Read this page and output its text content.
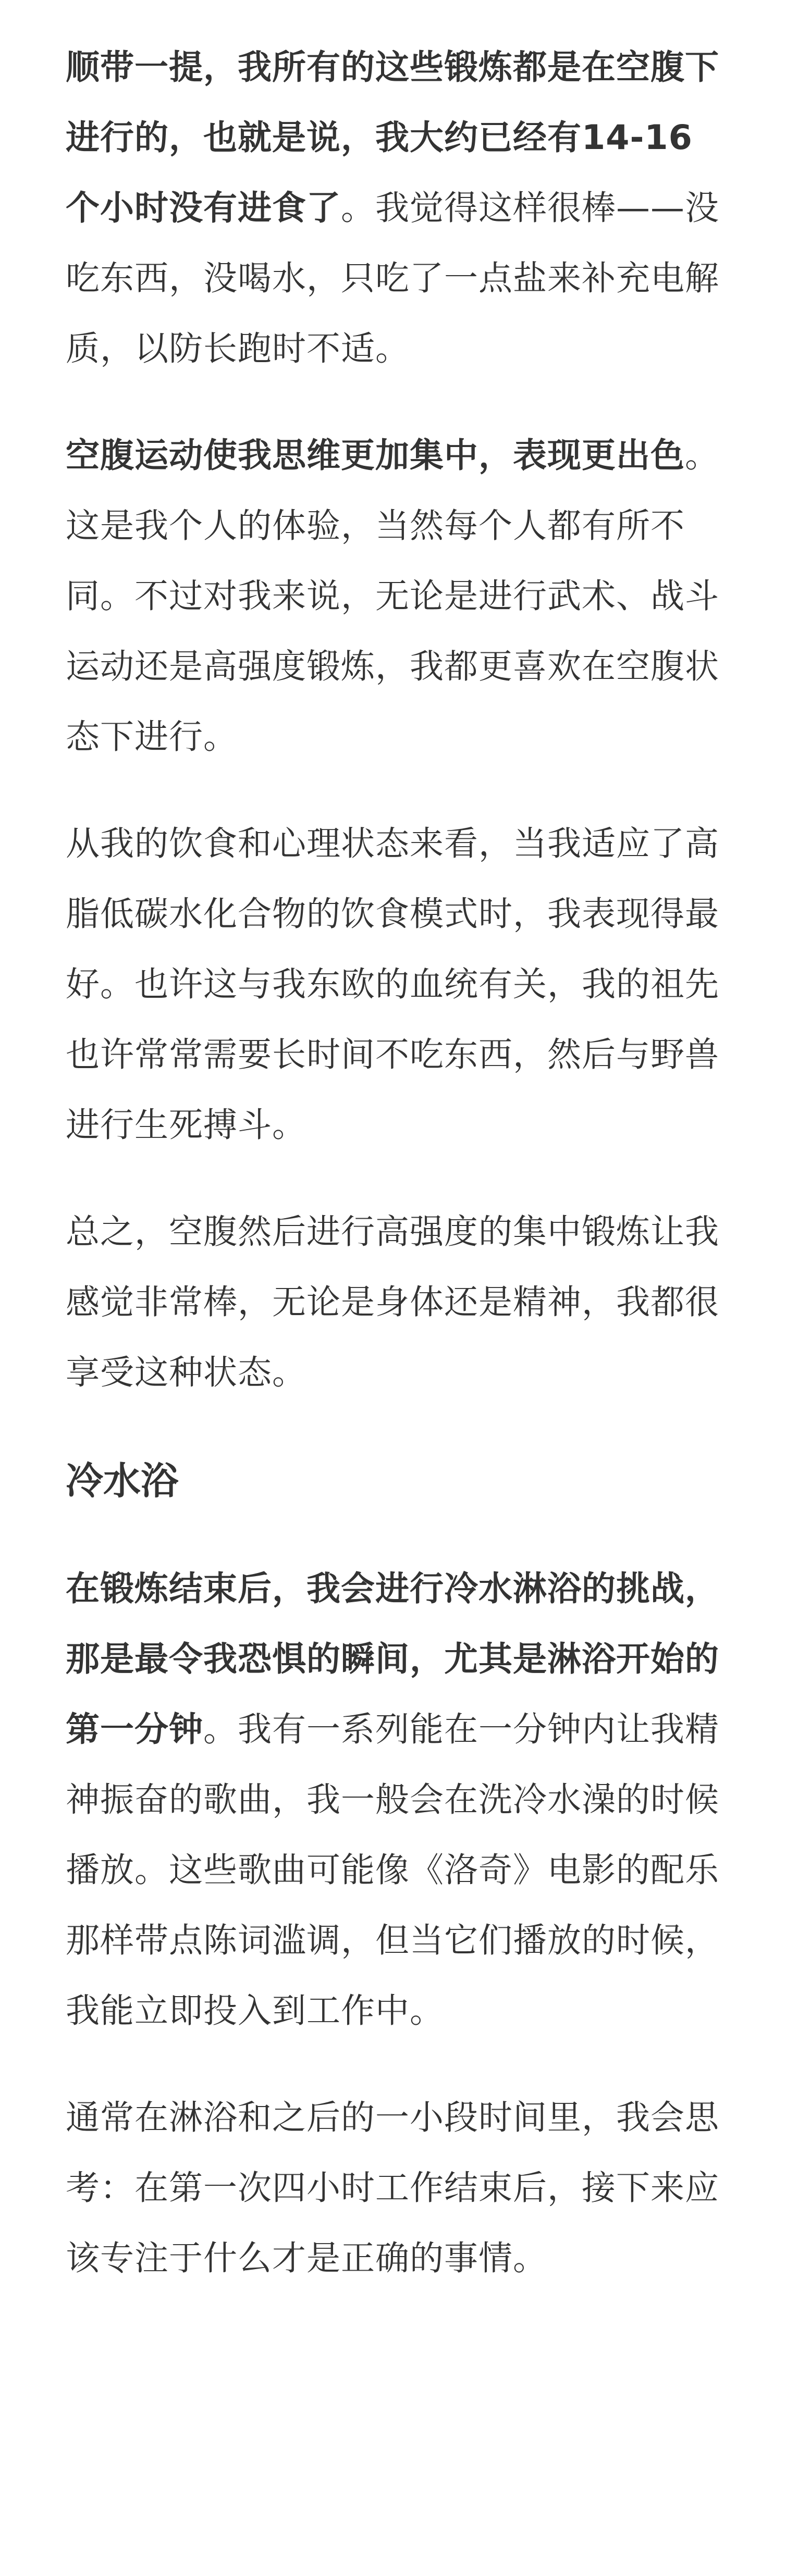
顺带一提，我所有的这些锻炼都是在空腹下进行的，也就是说，我大约已经有14-16个小时没有进食了。我觉得这样很棒——没吃东西，没喝水，只吃了一点盐来补充电解质，以防长跑时不适。

空腹运动使我思维更加集中，表现更出色。这是我个人的体验，当然每个人都有所不同。不过对我来说，无论是进行武术、战斗运动还是高强度锻炼，我都更喜欢在空腹状态下进行。

从我的饮食和心理状态来看，当我适应了高脂低碳水化合物的饮食模式时，我表现得最好。也许这与我东欧的血统有关，我的祖先也许常常需要长时间不吃东西，然后与野兽进行生死搏斗。

总之，空腹然后进行高强度的集中锻炼让我感觉非常棒，无论是身体还是精神，我都很享受这种状态。

冷水浴

在锻炼结束后，我会进行冷水淋浴的挑战，那是最令我恐惧的瞬间，尤其是淋浴开始的第一分钟。我有一系列能在一分钟内让我精神振奋的歌曲，我一般会在洗冷水澡的时候播放。这些歌曲可能像《洛奇》电影的配乐那样带点陈词滥调，但当它们播放的时候，我能立即投入到工作中。

通常在淋浴和之后的一小段时间里，我会思考：在第一次四小时工作结束后，接下来应该专注于什么才是正确的事情。
